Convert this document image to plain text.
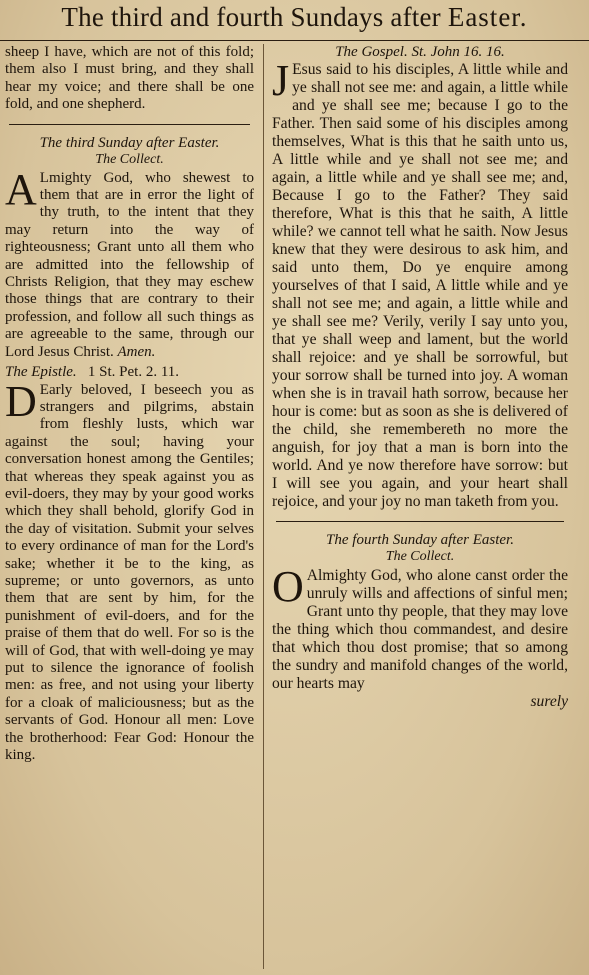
The third and fourth Sundays after Easter.

sheep I have, which are not of this fold; them also I must bring, and they shall hear my voice; and there shall be one fold, and one shepherd.

The third Sunday after Easter.
The Collect.

A Lmighty God, who shewest to them that are in error the light of thy truth, to the intent that they may return into the way of righteousness; Grant unto all them who are admitted into the fellowship of Christs Religion, that they may eschew those things that are contrary to their profession, and follow all such things as are agreeable to the same, through our Lord Jesus Christ. Amen.

The Epistle. 1 St. Pet. 2. 11.

D Early beloved, I beseech you as strangers and pilgrims, abstain from fleshly lusts, which war against the soul; having your conversation honest among the Gentiles; that whereas they speak against you as evil-doers, they may by your good works which they shall behold, glorify God in the day of visitation. Submit your selves to every ordinance of man for the Lord's sake; whether it be to the king, as supreme; or unto governors, as unto them that are sent by him, for the punishment of evil-doers, and for the praise of them that do well. For so is the will of God, that with well-doing ye may put to silence the ignorance of foolish men: as free, and not using your liberty for a cloak of maliciousness; but as the servants of God. Honour all men: Love the brotherhood: Fear God: Honour the king.

The Gospel. St. John 16. 16.

J Esus said to his disciples, A little while and ye shall not see me: and again, a little while and ye shall see me; because I go to the Father. Then said some of his disciples among themselves, What is this that he saith unto us, A little while and ye shall not see me; and again, a little while and ye shall see me; and, Because I go to the Father? They said therefore, What is this that he saith, A little while? we cannot tell what he saith. Now Jesus knew that they were desirous to ask him, and said unto them, Do ye enquire among yourselves of that I said, A little while and ye shall not see me; and again, a little while and ye shall see me? Verily, verily I say unto you, that ye shall weep and lament, but the world shall rejoice: and ye shall be sorrowful, but your sorrow shall be turned into joy. A woman when she is in travail hath sorrow, because her hour is come: but as soon as she is delivered of the child, she remembereth no more the anguish, for joy that a man is born into the world. And ye now therefore have sorrow: but I will see you again, and your heart shall rejoice, and your joy no man taketh from you.

The fourth Sunday after Easter.
The Collect.

O Almighty God, who alone canst order the unruly wills and affections of sinful men; Grant unto thy people, that they may love the thing which thou commandest, and desire that which thou dost promise; that so among the sundry and manifold changes of the world, our hearts may

surely
